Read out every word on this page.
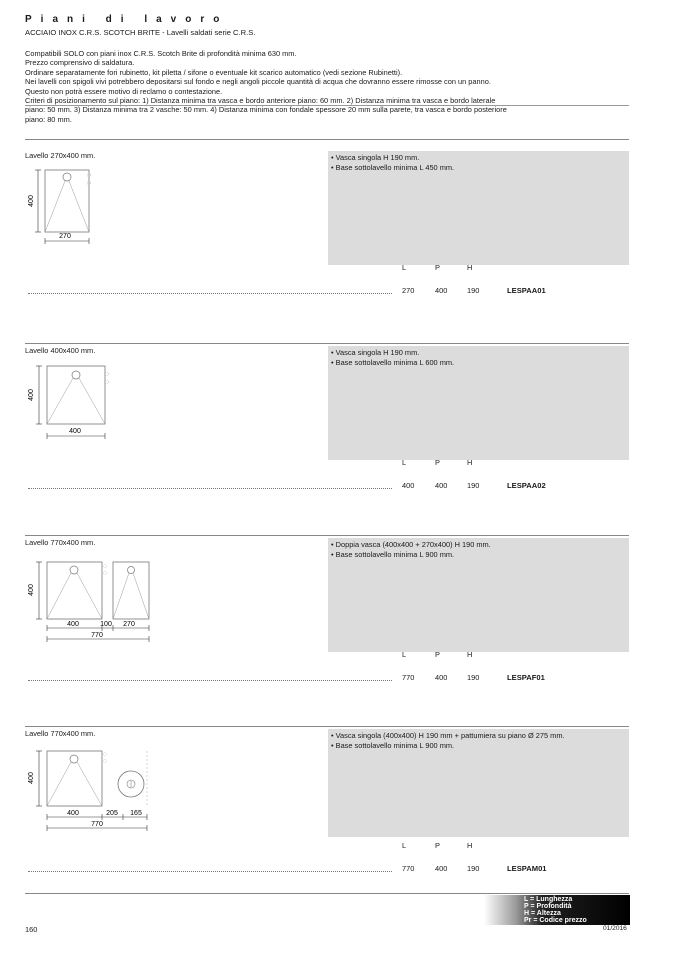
Piani di lavoro
ACCIAIO INOX C.R.S. SCOTCH BRITE - Lavelli saldati serie C.R.S.
Compatibili SOLO con piani inox C.R.S. Scotch Brite di profondità minima 630 mm.
Prezzo comprensivo di saldatura.
Ordinare separatamente fori rubinetto, kit piletta / sifone o eventuale kit scarico automatico (vedi sezione Rubinetti).
Nei lavelli con spigoli vivi potrebbero depositarsi sul fondo e negli angoli piccole quantità di acqua che dovranno essere rimosse con un panno.
Questo non potrà essere motivo di reclamo o contestazione.
Criteri di posizionamento sul piano: 1) Distanza minima tra vasca e bordo anteriore piano: 60 mm. 2) Distanza minima tra vasca e bordo laterale
piano: 50 mm. 3) Distanza minima tra 2 vasche: 50 mm. 4) Distanza minima con fondale spessore 20 mm sulla parete, tra vasca e bordo posteriore
piano: 80 mm.
Lavello 270x400 mm.
400
270
• Vasca singola H 190 mm.
• Base sottolavello minima L 450 mm.
L	P	H
270	400	190	LESPAA01
Lavello 400x400 mm.
400
400
• Vasca singola H 190 mm.
• Base sottolavello minima L 600 mm.
L	P	H
400	400	190	LESPAA02
Lavello 770x400 mm.
400
400	100 270
770
• Doppia vasca (400x400 + 270x400) H 190 mm.
• Base sottolavello minima L 900 mm.
L	P	H
770	400	190	LESPAF01
Lavello 770x400 mm.
400
400	205 165
770
• Vasca singola (400x400) H 190 mm + pattumiera su piano Ø 275 mm.
• Base sottolavello minima L 900 mm.
L	P	H
770	400	190	LESPAM01
L = Lunghezza
P = Profondità
H = Altezza
Pr = Codice prezzo
160	01/2016
